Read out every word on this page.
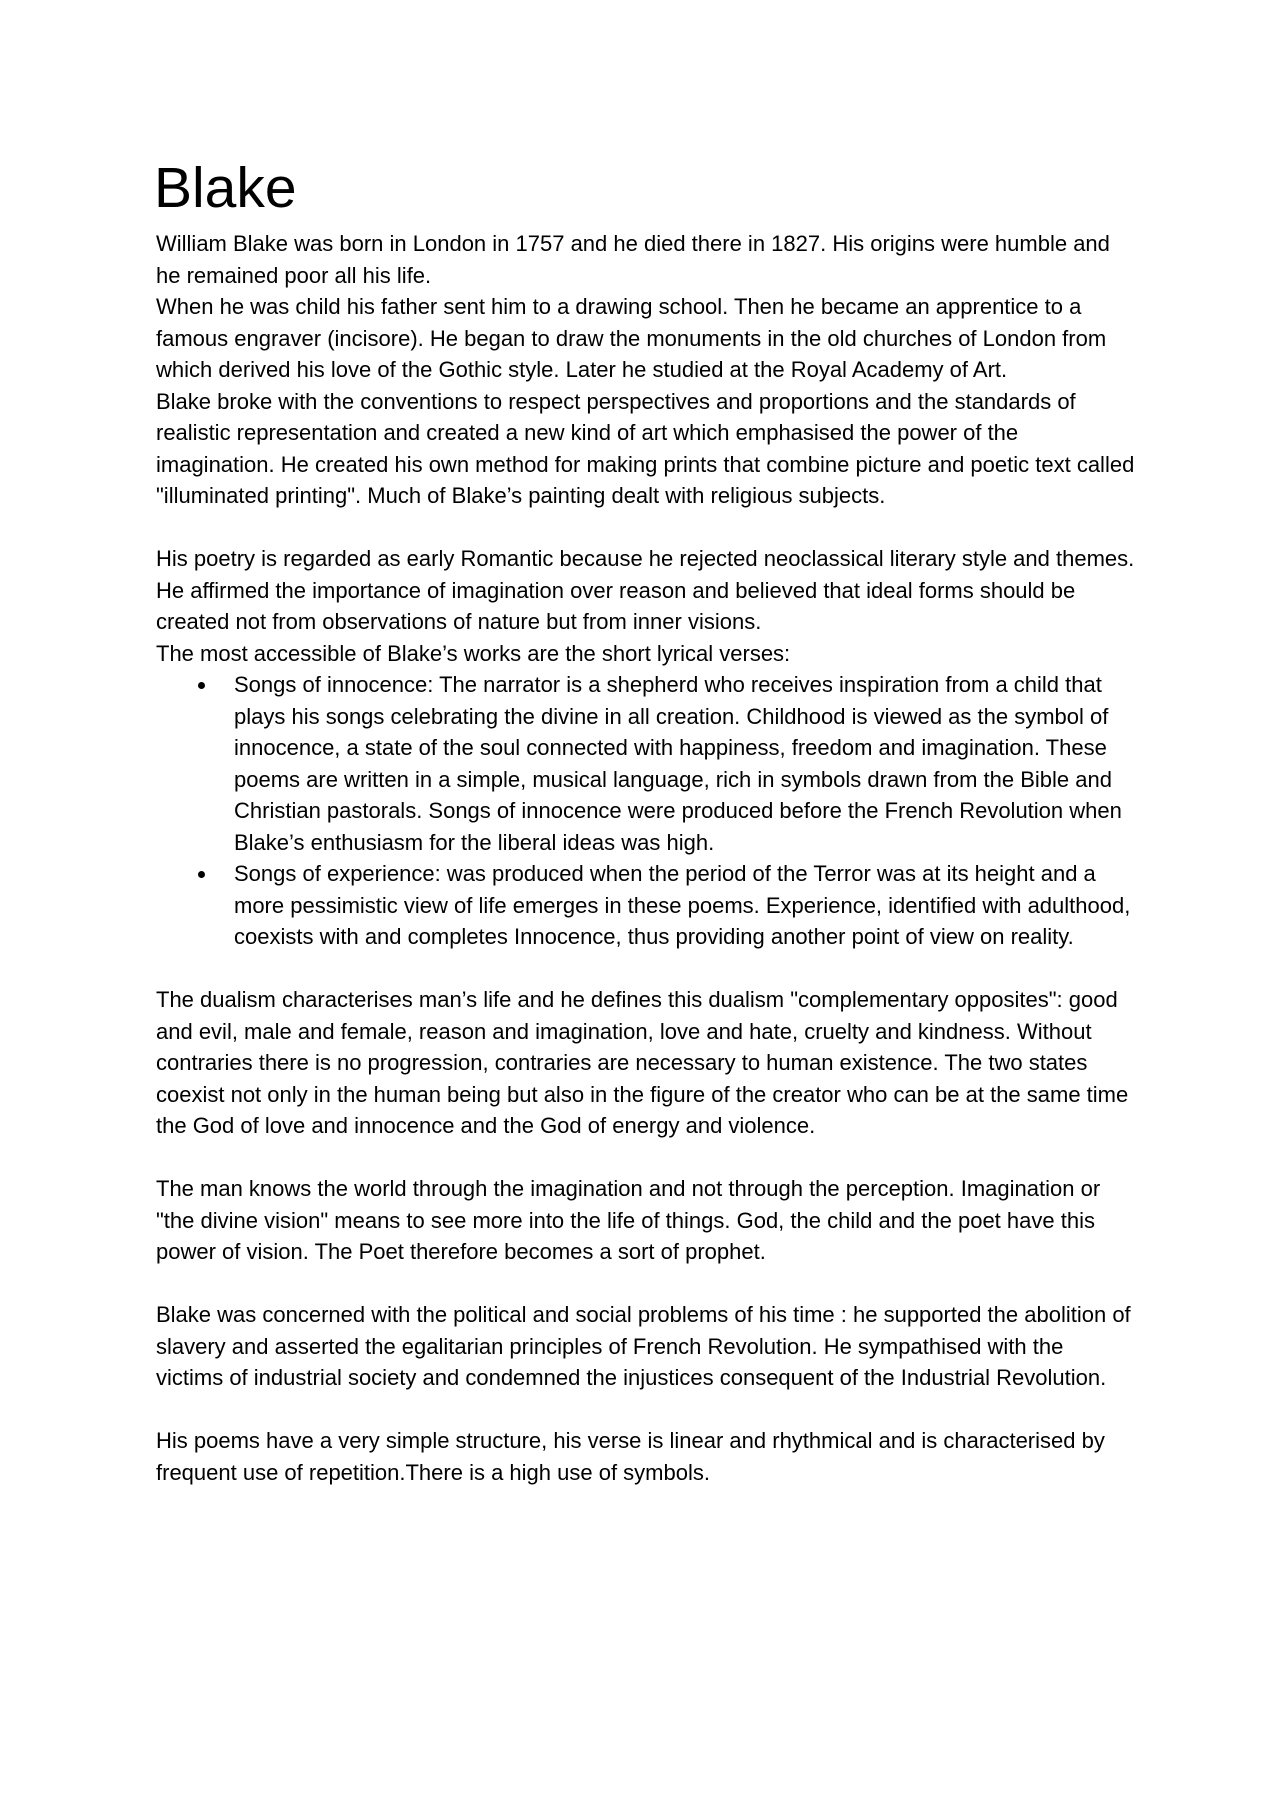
Blake

William Blake was born in London in 1757 and he died there in 1827. His origins were humble and he remained poor all his life.

When he was child his father sent him to a drawing school. Then he became an apprentice to a famous engraver (incisore). He began to draw the monuments in the old churches of London from which derived his love of the Gothic style. Later he studied at the Royal Academy of Art.

Blake broke with the conventions to respect perspectives and proportions and the standards of realistic representation and created a new kind of art which emphasised the power of the imagination. He created his own method for making prints that combine picture and poetic text called "illuminated printing". Much of Blake’s painting dealt with religious subjects.

His poetry is regarded as early Romantic because he rejected neoclassical literary style and themes. He affirmed the importance of imagination over reason and believed that ideal forms should be created not from observations of nature but from inner visions.

The most accessible of Blake’s works are the short lyrical verses:

Songs of innocence: The narrator is a shepherd who receives inspiration from a child that plays his songs celebrating the divine in all creation. Childhood is viewed as the symbol of innocence, a state of the soul connected with happiness, freedom and imagination. These poems are written in a simple, musical language, rich in symbols drawn from the Bible and Christian pastorals. Songs of innocence were produced before the French Revolution when Blake’s enthusiasm for the liberal ideas was high.
Songs of experience: was produced when the period of the Terror was at its height and a more pessimistic view of life emerges in these poems. Experience, identified with adulthood, coexists with and completes Innocence, thus providing another point of view on reality.

The dualism characterises man’s life and he defines this dualism "complementary opposites": good and evil, male and female, reason and imagination, love and hate, cruelty and kindness. Without contraries there is no progression, contraries are necessary to human existence. The two states coexist not only in the human being but also in the figure of the creator who can be at the same time the God of love and innocence and the God of energy and violence.

The man knows the world through the imagination and not through the perception. Imagination or "the divine vision" means to see more into the life of things. God, the child and the poet have this power of vision. The Poet therefore becomes a sort of prophet.

Blake was concerned with the political and social problems of his time : he supported the abolition of slavery and asserted the egalitarian principles of French Revolution. He sympathised with the victims of industrial society and condemned the injustices consequent of the Industrial Revolution.

His poems have a very simple structure, his verse is linear and rhythmical and is characterised by frequent use of repetition.There is a high use of symbols.
